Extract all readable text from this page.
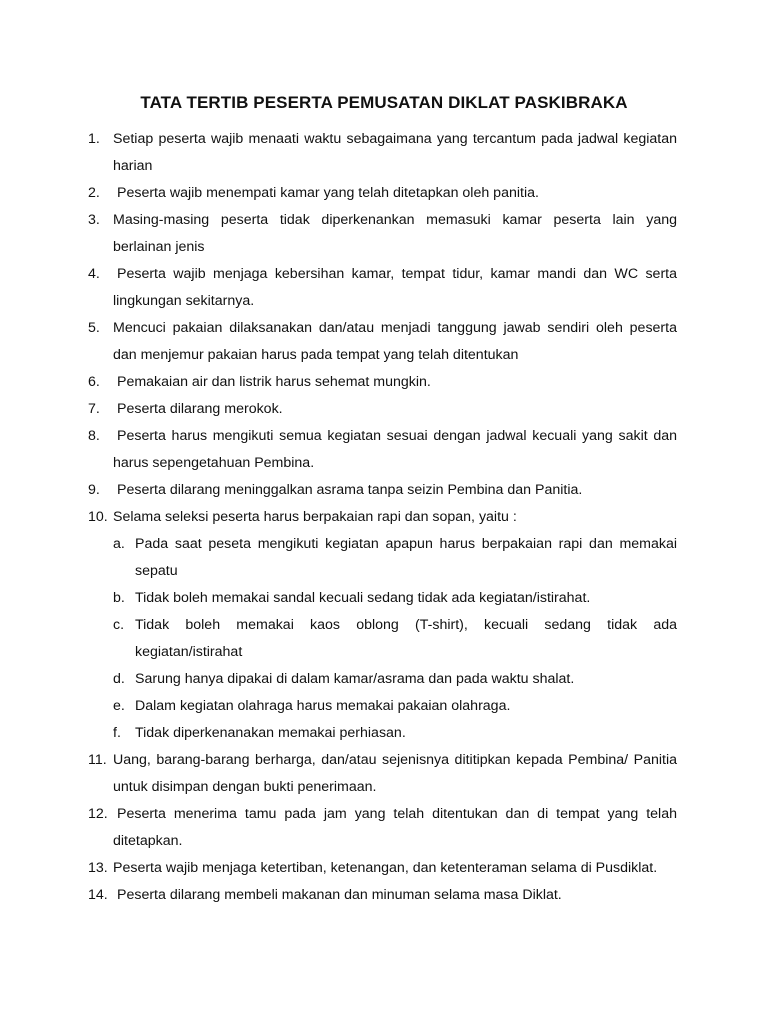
TATA TERTIB PESERTA PEMUSATAN DIKLAT PASKIBRAKA
1. Setiap peserta wajib menaati waktu sebagaimana yang tercantum pada jadwal kegiatan harian
2. Peserta wajib menempati kamar yang telah ditetapkan oleh panitia.
3. Masing-masing peserta tidak diperkenankan memasuki kamar peserta lain yang berlainan jenis
4. Peserta wajib menjaga kebersihan kamar, tempat tidur, kamar mandi dan WC serta lingkungan sekitarnya.
5. Mencuci pakaian dilaksanakan dan/atau menjadi tanggung jawab sendiri oleh peserta dan menjemur pakaian harus pada tempat yang telah ditentukan
6. Pemakaian air dan listrik harus sehemat mungkin.
7. Peserta dilarang merokok.
8. Peserta harus mengikuti semua kegiatan sesuai dengan jadwal kecuali yang sakit dan harus sepengetahuan Pembina.
9. Peserta dilarang meninggalkan asrama tanpa seizin Pembina dan Panitia.
10. Selama seleksi peserta harus berpakaian rapi dan sopan, yaitu :
a. Pada saat peseta mengikuti kegiatan apapun harus berpakaian rapi dan memakai sepatu
b. Tidak boleh memakai sandal kecuali sedang tidak ada kegiatan/istirahat.
c. Tidak boleh memakai kaos oblong (T-shirt), kecuali sedang tidak ada kegiatan/istirahat
d. Sarung hanya dipakai di dalam kamar/asrama dan pada waktu shalat.
e. Dalam kegiatan olahraga harus memakai pakaian olahraga.
f. Tidak diperkenanakan memakai perhiasan.
11. Uang, barang-barang berharga, dan/atau sejenisnya dititipkan kepada Pembina/ Panitia untuk disimpan dengan bukti penerimaan.
12. Peserta menerima tamu pada jam yang telah ditentukan dan di tempat yang telah ditetapkan.
13. Peserta wajib menjaga ketertiban, ketenangan, dan ketenteraman selama di Pusdiklat.
14. Peserta dilarang membeli makanan dan minuman selama masa Diklat.
